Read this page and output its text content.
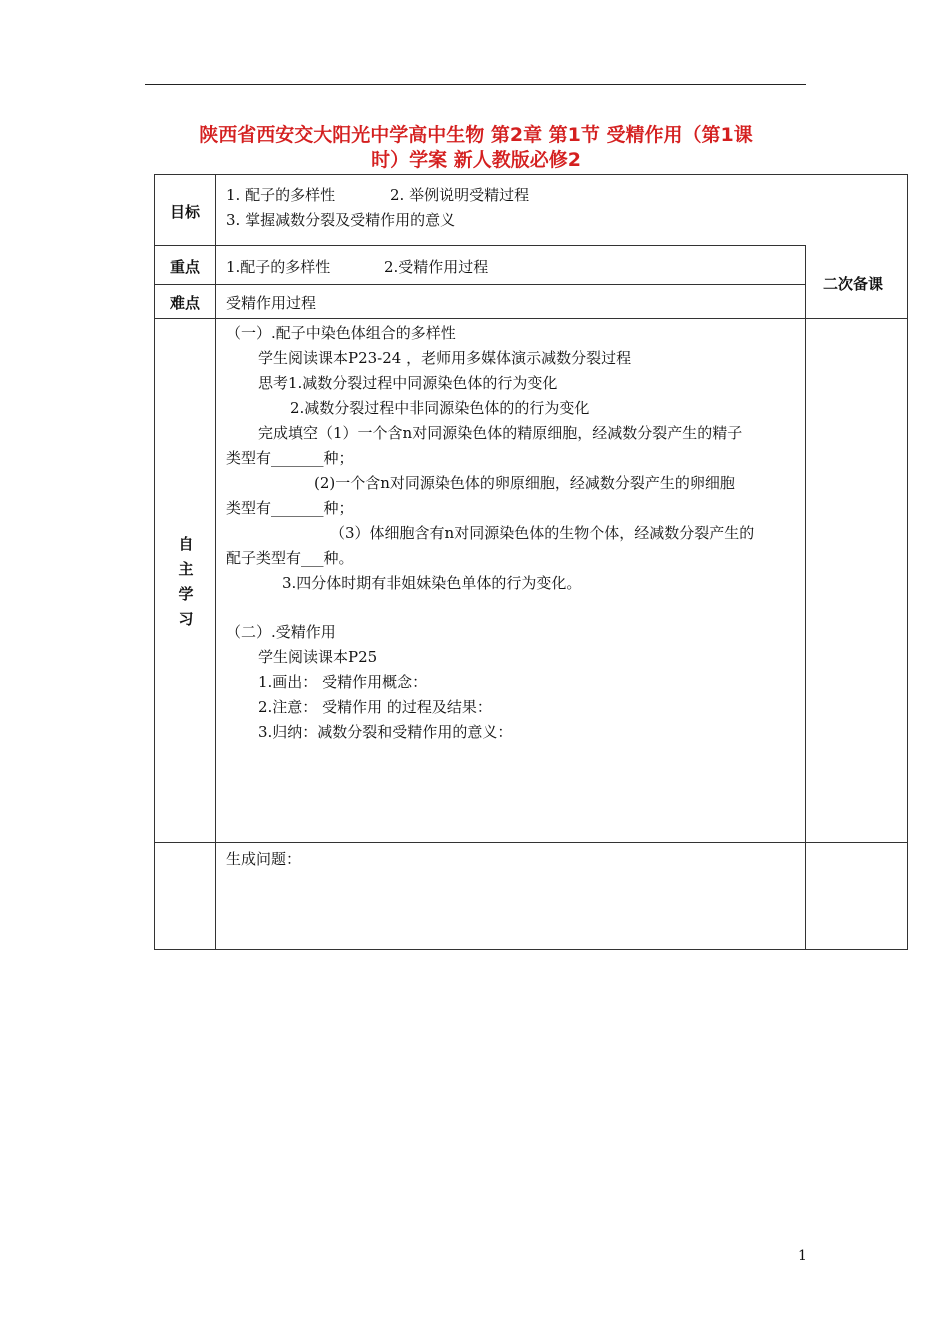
陕西省西安交大阳光中学高中生物 第2章 第1节 受精作用（第1课
时）学案 新人教版必修2
目标
1. 配子的多样性	2. 举例说明受精过程
3. 掌握减数分裂及受精作用的意义
重点 1.配子的多样性	2.受精作用过程
二次备课
难点 受精作用过程
自
主
学
习
（一）.配子中染色体组合的多样性
学生阅读课本P23-24 ，老师用多媒体演示减数分裂过程
思考1.减数分裂过程中同源染色体的行为变化
2.减数分裂过程中非同源染色体的的行为变化
完成填空（1）一个含n对同源染色体的精原细胞，经减数分裂产生的精子
类型有_______种；
(2)一个含n对同源染色体的卵原细胞，经减数分裂产生的卵细胞
类型有_______种；
（3）体细胞含有n对同源染色体的生物个体，经减数分裂产生的
配子类型有___种。
3.四分体时期有非姐妹染色单体的行为变化。
（二）.受精作用
学生阅读课本P25
1.画出： 受精作用概念：
2.注意： 受精作用 的过程及结果：
3.归纳：减数分裂和受精作用的意义：
生成问题：
1
